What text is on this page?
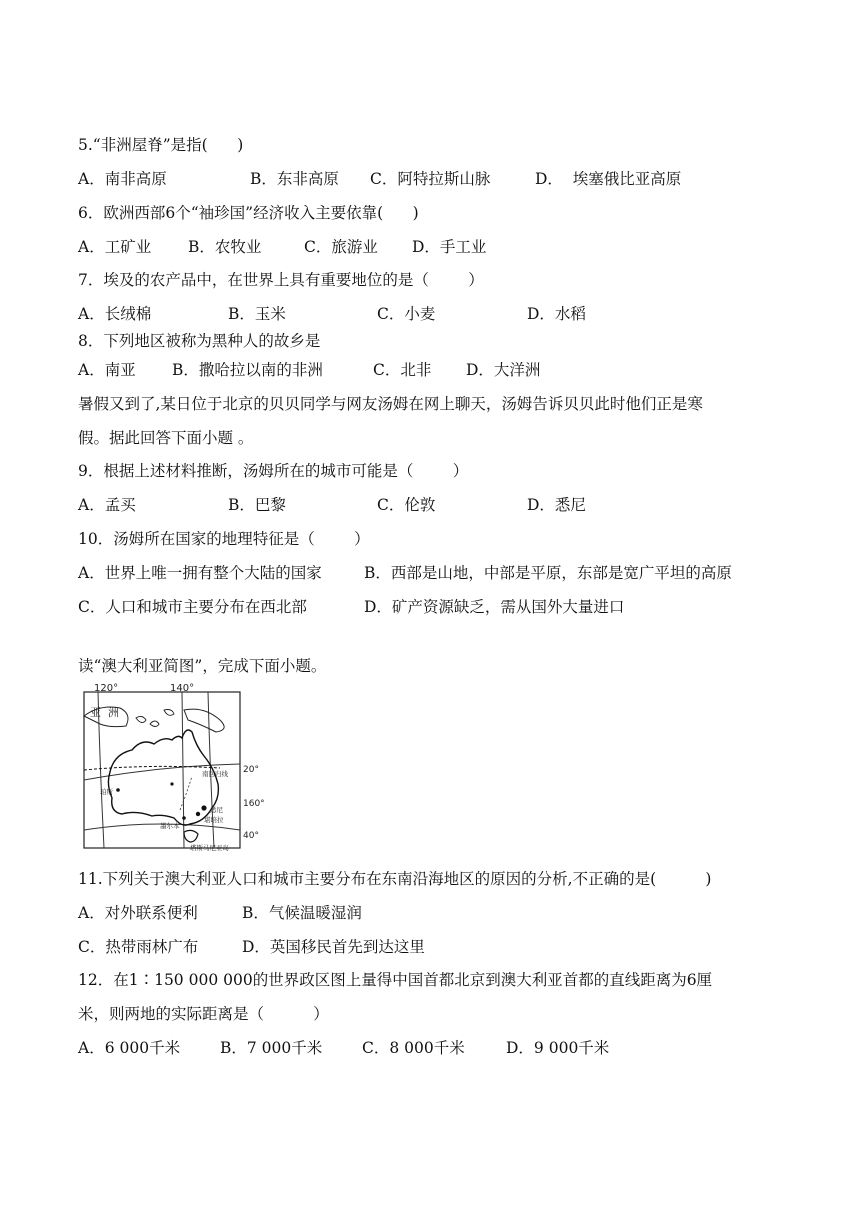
5.“非洲屋脊”是指(      )
A．南非高原	B．东非高原 C．阿特拉斯山脉	D．  埃塞俄比亚高原
6．欧洲西部6个“袖珍国”经济收入主要依靠(      )
A．工矿业 B．农牧业	C．旅游业 D．手工业
7．埃及的农产品中，在世界上具有重要地位的是（        ）
A．长绒棉	B．玉米	C．小麦	D．水稻
8．下列地区被称为黑种人的故乡是
A．南亚 B．撒哈拉以南的非洲	C．北非 D．大洋洲
暑假又到了,某日位于北京的贝贝同学与网友汤姆在网上聊天，汤姆告诉贝贝此时他们正是寒
假。据此回答下面小题 。
9．根据上述材料推断，汤姆所在的城市可能是（        ）
A．孟买	B．巴黎	C．伦敦	D．悉尼
10．汤姆所在国家的地理特征是（        ）
A．世界上唯一拥有整个大陆的国家	B．西部是山地，中部是平原，东部是宽广平坦的高原
C．人口和城市主要分布在西北部	D．矿产资源缺乏，需从国外大量进口
读“澳大利亚简图”，完成下面小题。
120°	140°
20°
160°
40°
亚 洲
南回归线
珀斯
悉尼
堪培拉
墨尔本
塔斯马尼亚岛
11.下列关于澳大利亚人口和城市主要分布在东南沿海地区的原因的分析,不正确的是(          )
A．对外联系便利	B．气候温暖湿润
C．热带雨林广布	D．英国移民首先到达这里
12．在1∶150 000 000的世界政区图上量得中国首都北京到澳大利亚首都的直线距离为6厘
米，则两地的实际距离是（          ）
A．6 000千米	B．7 000千米	C．8 000千米	D．9 000千米
